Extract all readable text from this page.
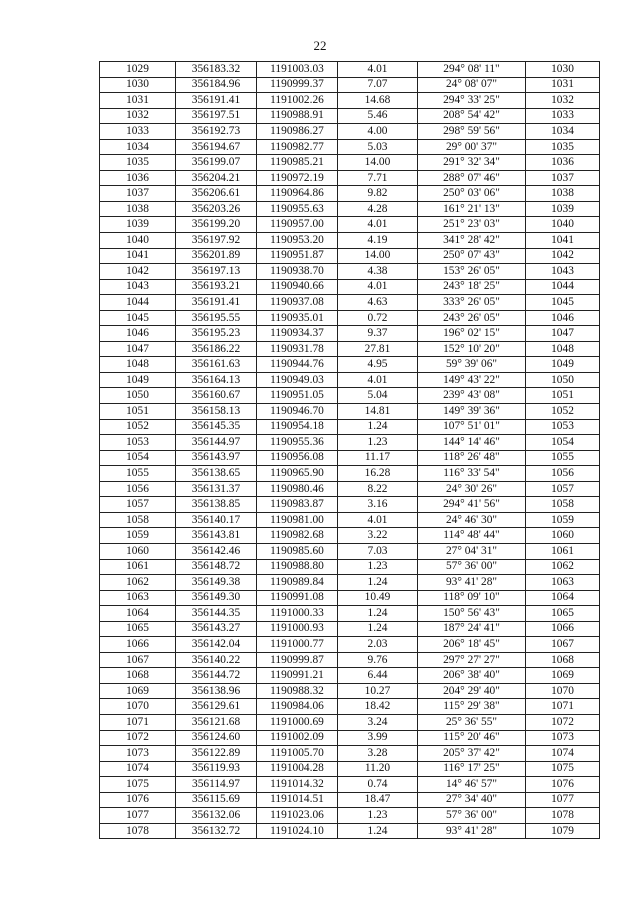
22
1029	356183.32	1191003.03	4.01	294° 08' 11"	1030
1030	356184.96	1190999.37	7.07	24° 08' 07"	1031
1031	356191.41	1191002.26	14.68	294° 33' 25"	1032
1032	356197.51	1190988.91	5.46	208° 54' 42"	1033
1033	356192.73	1190986.27	4.00	298° 59' 56"	1034
1034	356194.67	1190982.77	5.03	29° 00' 37"	1035
1035	356199.07	1190985.21	14.00	291° 32' 34"	1036
1036	356204.21	1190972.19	7.71	288° 07' 46"	1037
1037	356206.61	1190964.86	9.82	250° 03' 06"	1038
1038	356203.26	1190955.63	4.28	161° 21' 13"	1039
1039	356199.20	1190957.00	4.01	251° 23' 03"	1040
1040	356197.92	1190953.20	4.19	341° 28' 42"	1041
1041	356201.89	1190951.87	14.00	250° 07' 43"	1042
1042	356197.13	1190938.70	4.38	153° 26' 05"	1043
1043	356193.21	1190940.66	4.01	243° 18' 25"	1044
1044	356191.41	1190937.08	4.63	333° 26' 05"	1045
1045	356195.55	1190935.01	0.72	243° 26' 05"	1046
1046	356195.23	1190934.37	9.37	196° 02' 15"	1047
1047	356186.22	1190931.78	27.81	152° 10' 20"	1048
1048	356161.63	1190944.76	4.95	59° 39' 06"	1049
1049	356164.13	1190949.03	4.01	149° 43' 22"	1050
1050	356160.67	1190951.05	5.04	239° 43' 08"	1051
1051	356158.13	1190946.70	14.81	149° 39' 36"	1052
1052	356145.35	1190954.18	1.24	107° 51' 01"	1053
1053	356144.97	1190955.36	1.23	144° 14' 46"	1054
1054	356143.97	1190956.08	11.17	118° 26' 48"	1055
1055	356138.65	1190965.90	16.28	116° 33' 54"	1056
1056	356131.37	1190980.46	8.22	24° 30' 26"	1057
1057	356138.85	1190983.87	3.16	294° 41' 56"	1058
1058	356140.17	1190981.00	4.01	24° 46' 30"	1059
1059	356143.81	1190982.68	3.22	114° 48' 44"	1060
1060	356142.46	1190985.60	7.03	27° 04' 31"	1061
1061	356148.72	1190988.80	1.23	57° 36' 00"	1062
1062	356149.38	1190989.84	1.24	93° 41' 28"	1063
1063	356149.30	1190991.08	10.49	118° 09' 10"	1064
1064	356144.35	1191000.33	1.24	150° 56' 43"	1065
1065	356143.27	1191000.93	1.24	187° 24' 41"	1066
1066	356142.04	1191000.77	2.03	206° 18' 45"	1067
1067	356140.22	1190999.87	9.76	297° 27' 27"	1068
1068	356144.72	1190991.21	6.44	206° 38' 40"	1069
1069	356138.96	1190988.32	10.27	204° 29' 40"	1070
1070	356129.61	1190984.06	18.42	115° 29' 38"	1071
1071	356121.68	1191000.69	3.24	25° 36' 55"	1072
1072	356124.60	1191002.09	3.99	115° 20' 46"	1073
1073	356122.89	1191005.70	3.28	205° 37' 42"	1074
1074	356119.93	1191004.28	11.20	116° 17' 25"	1075
1075	356114.97	1191014.32	0.74	14° 46' 57"	1076
1076	356115.69	1191014.51	18.47	27° 34' 40"	1077
1077	356132.06	1191023.06	1.23	57° 36' 00"	1078
1078	356132.72	1191024.10	1.24	93° 41' 28"	1079
